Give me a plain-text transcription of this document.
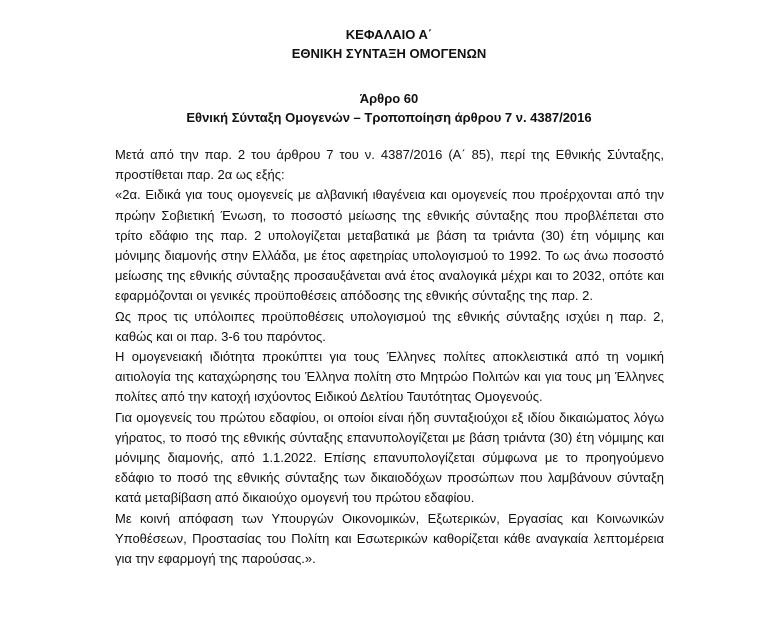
ΚΕΦΑΛΑΙΟ Α΄
ΕΘΝΙΚΗ ΣΥΝΤΑΞΗ ΟΜΟΓΕΝΩΝ
Άρθρο 60
Εθνική Σύνταξη Ομογενών – Τροποποίηση άρθρου 7 ν. 4387/2016

Μετά από την παρ. 2 του άρθρου 7 του ν. 4387/2016 (Α΄ 85), περί της Εθνικής Σύνταξης, προστίθεται παρ. 2α ως εξής:

«2α. Ειδικά για τους ομογενείς με αλβανική ιθαγένεια και ομογενείς που προέρχονται από την πρώην Σοβιετική Ένωση, το ποσοστό μείωσης της εθνικής σύνταξης που προβλέπεται στο τρίτο εδάφιο της παρ. 2 υπολογίζεται μεταβατικά με βάση τα τριάντα (30) έτη νόμιμης και μόνιμης διαμονής στην Ελλάδα, με έτος αφετηρίας υπολογισμού το 1992. Το ως άνω ποσοστό μείωσης της εθνικής σύνταξης προσαυξάνεται ανά έτος αναλογικά μέχρι και το 2032, οπότε και εφαρμόζονται οι γενικές προϋποθέσεις απόδοσης της εθνικής σύνταξης της παρ. 2.

Ως προς τις υπόλοιπες προϋποθέσεις υπολογισμού της εθνικής σύνταξης ισχύει η παρ. 2, καθώς και οι παρ. 3-6 του παρόντος.

Η ομογενειακή ιδιότητα προκύπτει για τους Έλληνες πολίτες αποκλειστικά από τη νομική αιτιολογία της καταχώρησης του Έλληνα πολίτη στο Μητρώο Πολιτών και για τους μη Έλληνες πολίτες από την κατοχή ισχύοντος Ειδικού Δελτίου Ταυτότητας Ομογενούς.

Για ομογενείς του πρώτου εδαφίου, οι οποίοι είναι ήδη συνταξιούχοι εξ ιδίου δικαιώματος λόγω γήρατος, το ποσό της εθνικής σύνταξης επανυπολογίζεται με βάση τριάντα (30) έτη νόμιμης και μόνιμης διαμονής, από 1.1.2022. Επίσης επανυπολογίζεται σύμφωνα με το προηγούμενο εδάφιο το ποσό της εθνικής σύνταξης των δικαιοδόχων προσώπων που λαμβάνουν σύνταξη κατά μεταβίβαση από δικαιούχο ομογενή του πρώτου εδαφίου.

Με κοινή απόφαση των Υπουργών Οικονομικών, Εξωτερικών, Εργασίας και Κοινωνικών Υποθέσεων, Προστασίας του Πολίτη και Εσωτερικών καθορίζεται κάθε αναγκαία λεπτομέρεια για την εφαρμογή της παρούσας.».
